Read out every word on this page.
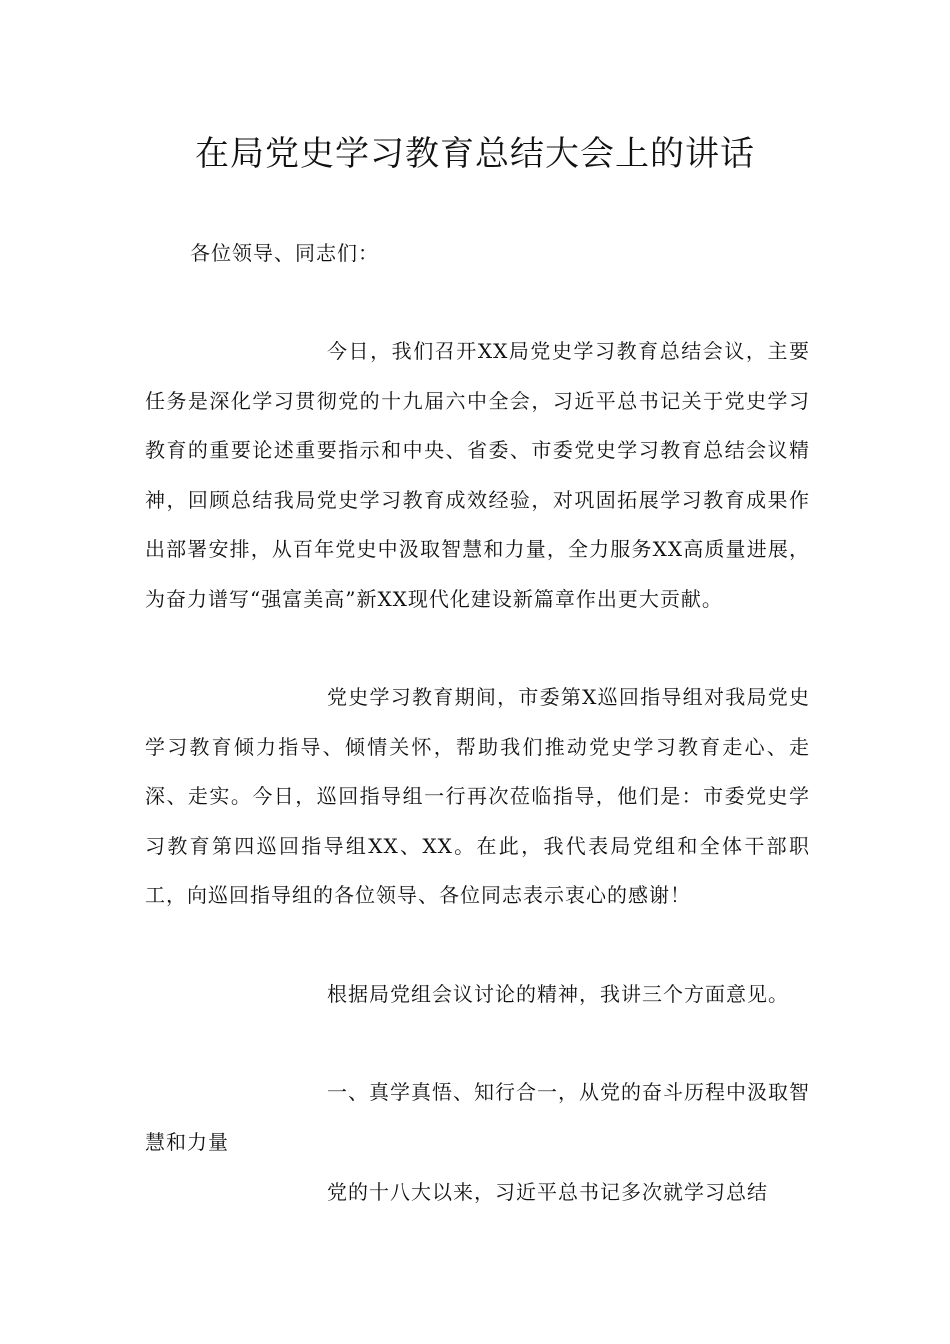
在局党史学习教育总结大会上的讲话

各位领导、同志们：

今日，我们召开XX局党史学习教育总结会议，主要任务是深化学习贯彻党的十九届六中全会，习近平总书记关于党史学习教育的重要论述重要指示和中央、省委、市委党史学习教育总结会议精神，回顾总结我局党史学习教育成效经验，对巩固拓展学习教育成果作出部署安排，从百年党史中汲取智慧和力量，全力服务XX高质量进展，为奋力谱写“强富美高”新XX现代化建设新篇章作出更大贡献。

党史学习教育期间，市委第X巡回指导组对我局党史学习教育倾力指导、倾情关怀，帮助我们推动党史学习教育走心、走深、走实。今日，巡回指导组一行再次莅临指导，他们是：市委党史学习教育第四巡回指导组XX、XX。在此，我代表局党组和全体干部职工，向巡回指导组的各位领导、各位同志表示衷心的感谢！

根据局党组会议讨论的精神，我讲三个方面意见。

一、真学真悟、知行合一，从党的奋斗历程中汲取智慧和力量

党的十八大以来，习近平总书记多次就学习总结
